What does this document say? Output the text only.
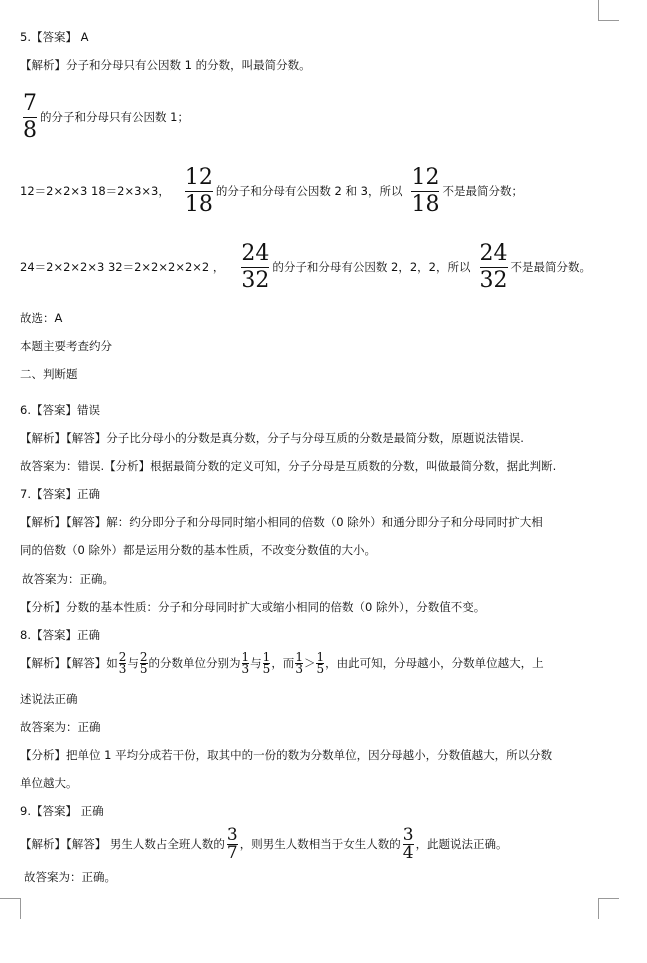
5.【答案】 A
【解析】分子和分母只有公因数 1 的分数，叫最简分数。
$\frac{7}{8}$ 的分子和分母只有公因数 1；
12＝2×2×3 18＝2×3×3， $\frac{12}{18}$ 的分子和分母有公因数 2 和 3，所以 $\frac{12}{18}$ 不是最简分数；
24＝2×2×2×3 32＝2×2×2×2×2 ， $\frac{24}{32}$ 的分子和分母有公因数 2，2，2，所以 $\frac{24}{32}$ 不是最简分数。
故选：A
本题主要考查约分
二、判断题
6.【答案】错误
【解析】【解答】分子比分母小的分数是真分数，分子与分母互质的分数是最简分数，原题说法错误.
故答案为：错误.【分析】根据最简分数的定义可知，分子分母是互质数的分数，叫做最简分数，据此判断.
7.【答案】正确
【解析】【解答】解：约分即分子和分母同时缩小相同的倍数（0 除外）和通分即分子和分母同时扩大相
同的倍数（0 除外）都是运用分数的基本性质，不改变分数值的大小。
故答案为：正确。
【分析】分数的基本性质：分子和分母同时扩大或缩小相同的倍数（0 除外），分数值不变。
8.【答案】正确
【解析】【解答】如 $\frac{2}{3}$ 与 $\frac{2}{5}$ 的分数单位分别为 $\frac{1}{3}$ 与 $\frac{1}{5}$ ，而 $\frac{1}{3} > \frac{1}{5}$ ，由此可知，分母越小，分数单位越大，上
述说法正确
故答案为：正确
【分析】把单位 1 平均分成若干份，取其中的一份的数为分数单位，因分母越小，分数值越大，所以分数
单位越大。
9.【答案】 正确
【解析】【解答】 男生人数占全班人数的 $\frac{3}{7}$ ，则男生人数相当于女生人数的 $\frac{3}{4}$ ，此题说法正确。
故答案为：正确。
